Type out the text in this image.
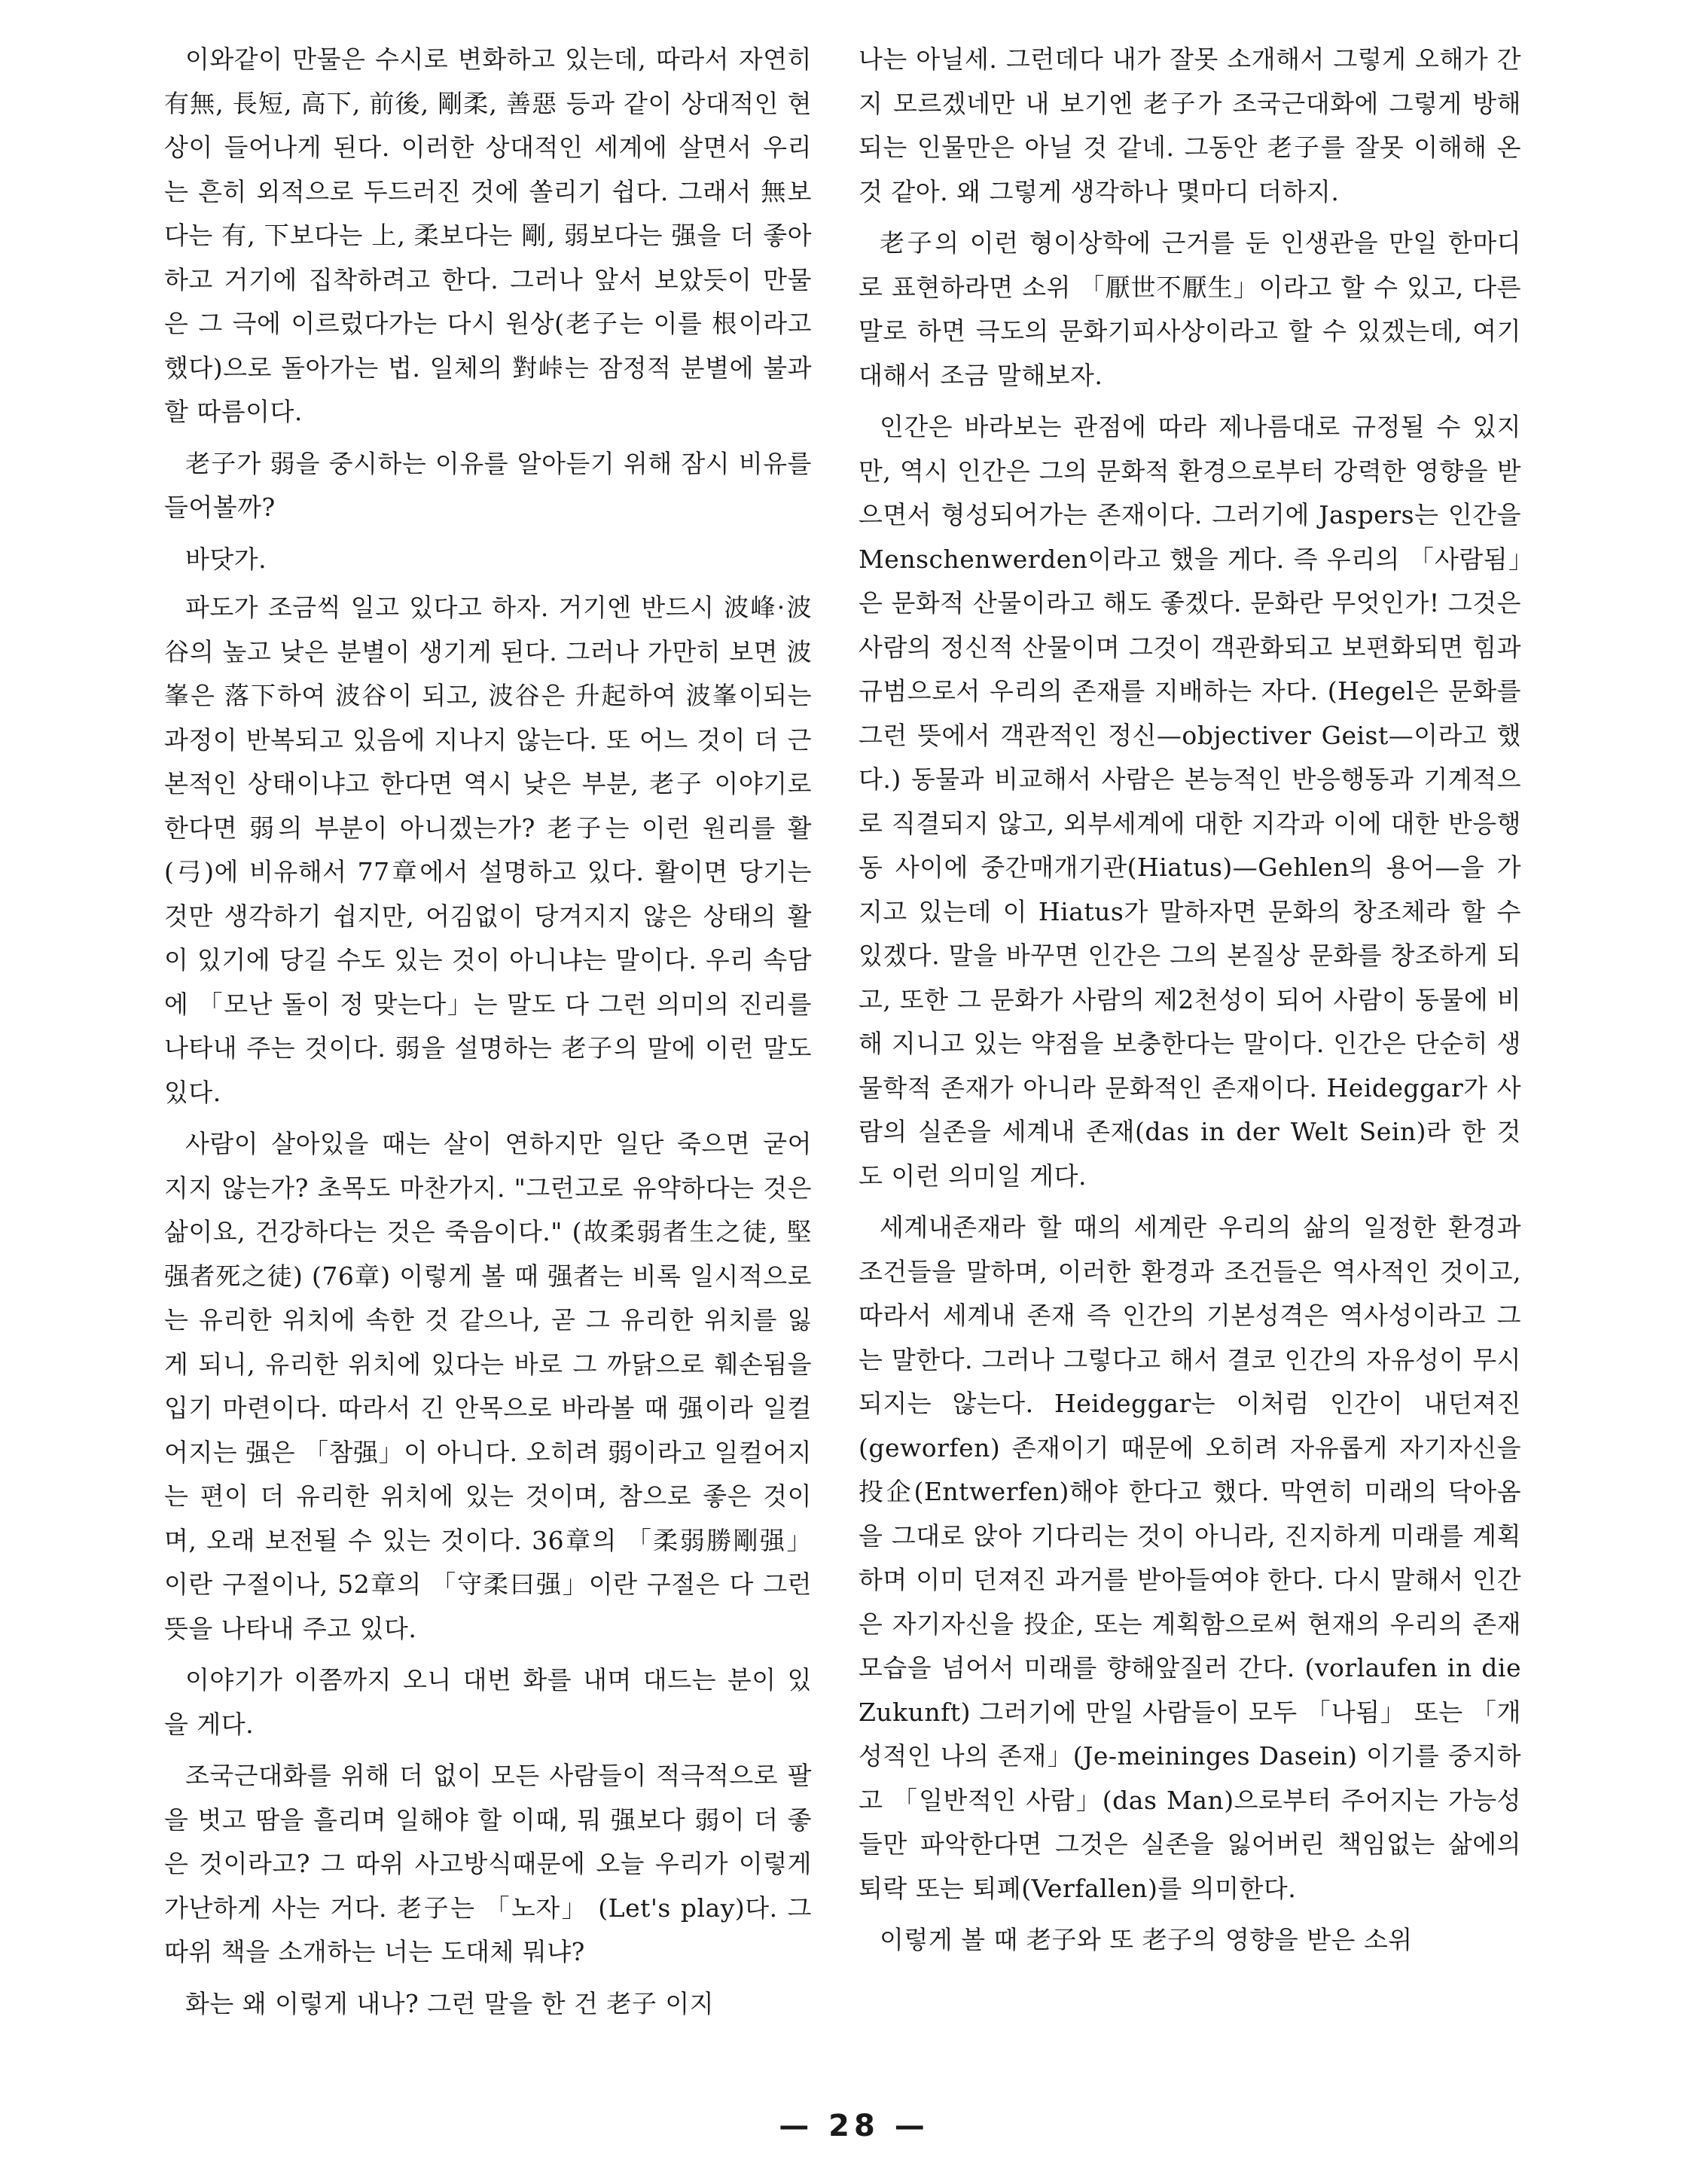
이와같이 만물은 수시로 변화하고 있는데, 따라서 자연히 有無, 長短, 高下, 前後, 剛柔, 善惡 등과 같이 상대적인 현상이 들어나게 된다. 이러한 상대적인 세계에 살면서 우리는 흔히 외적으로 두드러진 것에 쏠리기 쉽다. 그래서 無보다는 有, 下보다는 上, 柔보다는 剛, 弱보다는 强을 더 좋아하고 거기에 집착하려고 한다. 그러나 앞서 보았듯이 만물은 그 극에 이르렀다가는 다시 원상(老子는 이를 根이라고 했다)으로 돌아가는 법. 일체의 對峠는 잠정적 분별에 불과할 따름이다.

老子가 弱을 중시하는 이유를 알아듣기 위해 잠시 비유를 들어볼까?

바닷가.

파도가 조금씩 일고 있다고 하자. 거기엔 반드시 波峰·波谷의 높고 낮은 분별이 생기게 된다. 그러나 가만히 보면 波峯은 落下하여 波谷이 되고, 波谷은 升起하여 波峯이되는 과정이 반복되고 있음에 지나지 않는다. 또 어느 것이 더 근본적인 상태이냐고 한다면 역시 낮은 부분, 老子 이야기로 한다면 弱의 부분이 아니겠는가? 老子는 이런 원리를 활(弓)에 비유해서 77章에서 설명하고 있다. 활이면 당기는 것만 생각하기 쉽지만, 어김없이 당겨지지 않은 상태의 활이 있기에 당길 수도 있는 것이 아니냐는 말이다. 우리 속담에 「모난 돌이 정 맞는다」는 말도 다 그런 의미의 진리를 나타내 주는 것이다. 弱을 설명하는 老子의 말에 이런 말도 있다.

사람이 살아있을 때는 살이 연하지만 일단 죽으면 굳어 지지 않는가? 초목도 마찬가지. "그런고로 유약하다는 것은 삶이요, 건강하다는 것은 죽음이다." (故柔弱者生之徒, 堅强者死之徒) (76章) 이렇게 볼 때 强者는 비록 일시적으로는 유리한 위치에 속한 것 같으나, 곧 그 유리한 위치를 잃게 되니, 유리한 위치에 있다는 바로 그 까닭으로 훼손됨을 입기 마련이다. 따라서 긴 안목으로 바라볼 때 强이라 일컬어지는 强은 「참强」이 아니다. 오히려 弱이라고 일컬어지는 편이 더 유리한 위치에 있는 것이며, 참으로 좋은 것이며, 오래 보전될 수 있는 것이다. 36章의 「柔弱勝剛强」이란 구절이나, 52章의 「守柔曰强」이란 구절은 다 그런 뜻을 나타내 주고 있다.

이야기가 이쯤까지 오니 대번 화를 내며 대드는 분이 있을 게다.

조국근대화를 위해 더 없이 모든 사람들이 적극적으로 팔을 벗고 땀을 흘리며 일해야 할 이때, 뭐 强보다 弱이 더 좋은 것이라고? 그 따위 사고방식때문에 오늘 우리가 이렇게 가난하게 사는 거다. 老子는 「노자」 (Let's play)다. 그 따위 책을 소개하는 너는 도대체 뭐냐?

화는 왜 이렇게 내나? 그런 말을 한 건 老子 이지

나는 아닐세. 그런데다 내가 잘못 소개해서 그렇게 오해가 간지 모르겠네만 내 보기엔 老子가 조국근대화에 그렇게 방해되는 인물만은 아닐 것 같네. 그동안 老子를 잘못 이해해 온 것 같아. 왜 그렇게 생각하나 몇마디 더하지.

老子의 이런 형이상학에 근거를 둔 인생관을 만일 한마디로 표현하라면 소위 「厭世不厭生」이라고 할 수 있고, 다른 말로 하면 극도의 문화기피사상이라고 할 수 있겠는데, 여기 대해서 조금 말해보자.

인간은 바라보는 관점에 따라 제나름대로 규정될 수 있지만, 역시 인간은 그의 문화적 환경으로부터 강력한 영향을 받으면서 형성되어가는 존재이다. 그러기에 Jaspers는 인간을 Menschenwerden이라고 했을 게다. 즉 우리의 「사람됨」은 문화적 산물이라고 해도 좋겠다. 문화란 무엇인가! 그것은 사람의 정신적 산물이며 그것이 객관화되고 보편화되면 힘과 규범으로서 우리의 존재를 지배하는 자다. (Hegel은 문화를 그런 뜻에서 객관적인 정신—objectiver Geist—이라고 했다.) 동물과 비교해서 사람은 본능적인 반응행동과 기계적으로 직결되지 않고, 외부세계에 대한 지각과 이에 대한 반응행동 사이에 중간매개기관(Hiatus)—Gehlen의 용어—을 가지고 있는데 이 Hiatus가 말하자면 문화의 창조체라 할 수 있겠다. 말을 바꾸면 인간은 그의 본질상 문화를 창조하게 되고, 또한 그 문화가 사람의 제2천성이 되어 사람이 동물에 비해 지니고 있는 약점을 보충한다는 말이다. 인간은 단순히 생물학적 존재가 아니라 문화적인 존재이다. Heideggar가 사람의 실존을 세계내 존재(das in der Welt Sein)라 한 것도 이런 의미일 게다.

세계내존재라 할 때의 세계란 우리의 삶의 일정한 환경과 조건들을 말하며, 이러한 환경과 조건들은 역사적인 것이고, 따라서 세계내 존재 즉 인간의 기본성격은 역사성이라고 그는 말한다. 그러나 그렇다고 해서 결코 인간의 자유성이 무시되지는 않는다. Heideggar는 이처럼 인간이 내던져진(geworfen) 존재이기 때문에 오히려 자유롭게 자기자신을 投企(Entwerfen)해야 한다고 했다. 막연히 미래의 닥아옴을 그대로 앉아 기다리는 것이 아니라, 진지하게 미래를 계획하며 이미 던져진 과거를 받아들여야 한다. 다시 말해서 인간은 자기자신을 投企, 또는 계획함으로써 현재의 우리의 존재 모습을 넘어서 미래를 향해앞질러 간다. (vorlaufen in die Zukunft) 그러기에 만일 사람들이 모두 「나됨」 또는 「개성적인 나의 존재」(Je-meininges Dasein) 이기를 중지하고 「일반적인 사람」(das Man)으로부터 주어지는 가능성들만 파악한다면 그것은 실존을 잃어버린 책임없는 삶에의 퇴락 또는 퇴폐(Verfallen)를 의미한다.

이렇게 볼 때 老子와 또 老子의 영향을 받은 소위

— 28 —
